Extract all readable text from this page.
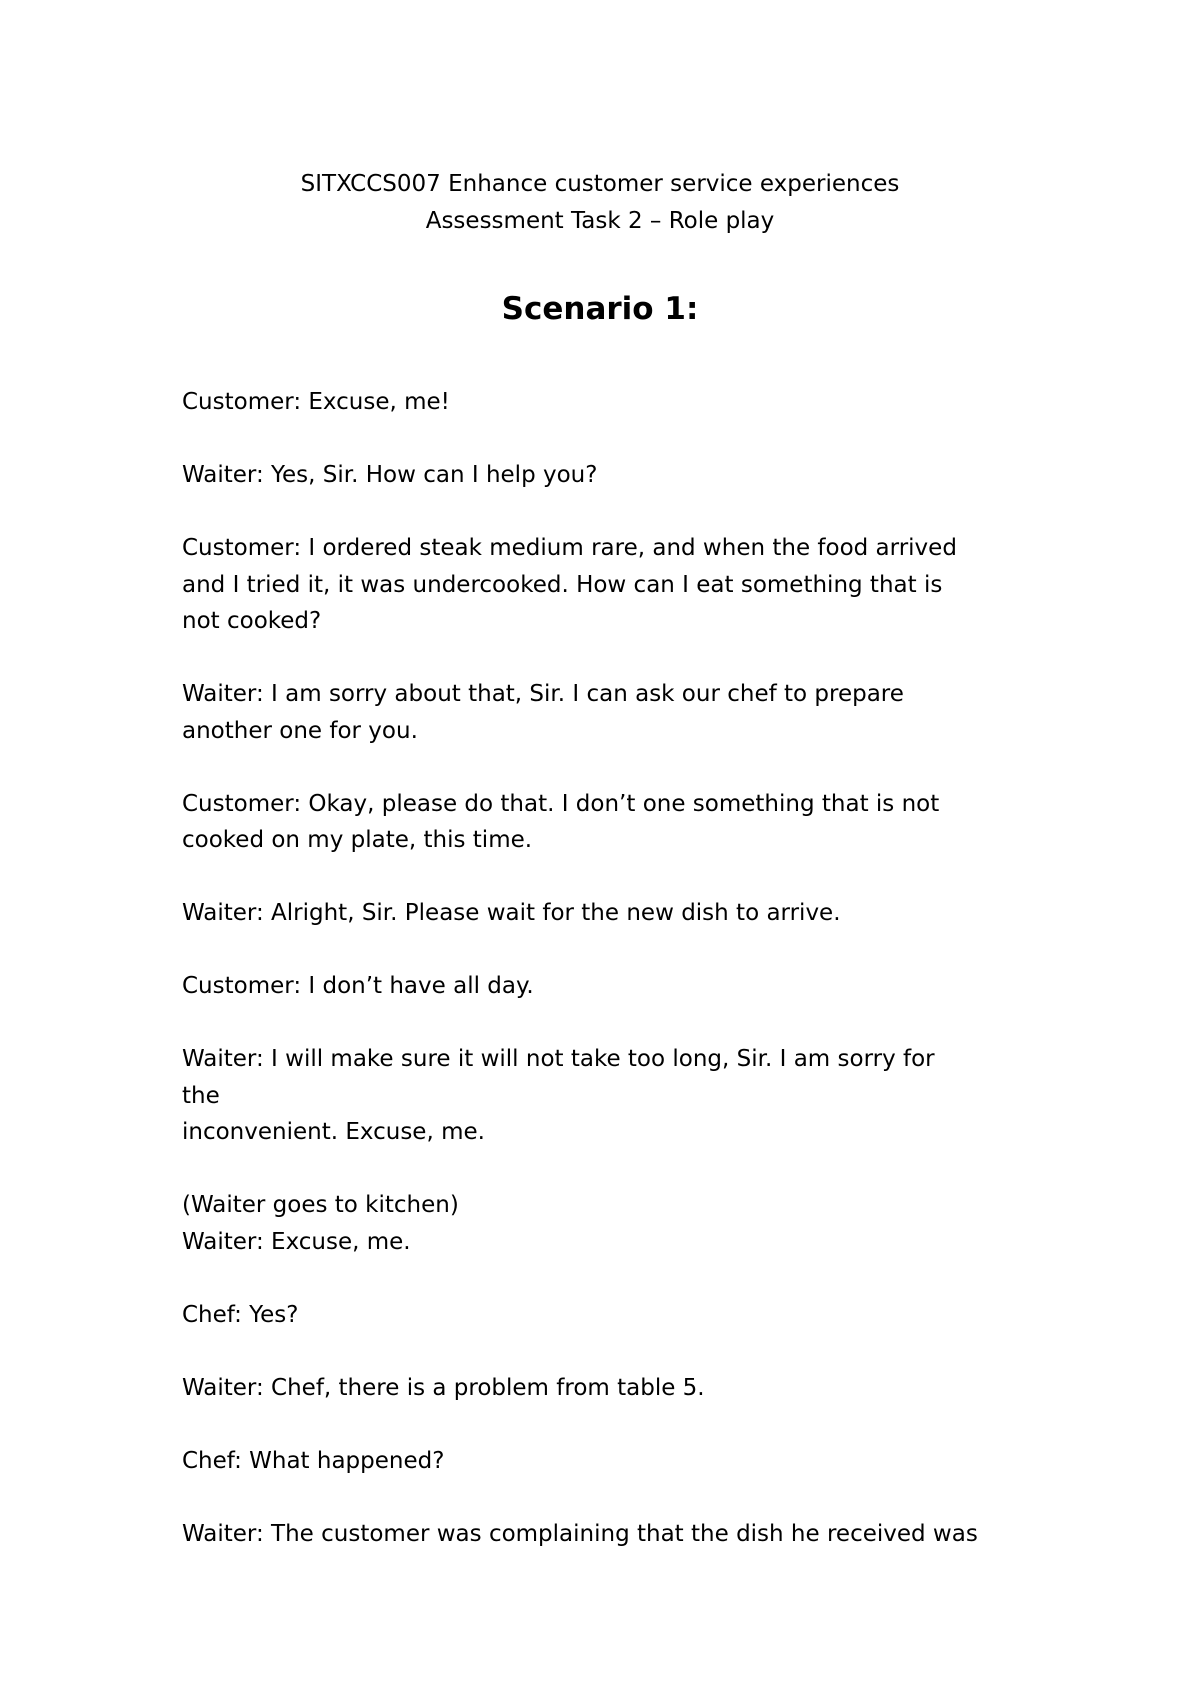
SITXCCS007 Enhance customer service experiences
Assessment Task 2 – Role play
Scenario 1:

Customer: Excuse, me!

Waiter: Yes, Sir. How can I help you?

Customer: I ordered steak medium rare, and when the food arrived
and I tried it, it was undercooked. How can I eat something that is
not cooked?

Waiter: I am sorry about that, Sir. I can ask our chef to prepare
another one for you.

Customer: Okay, please do that. I don’t one something that is not
cooked on my plate, this time.

Waiter: Alright, Sir. Please wait for the new dish to arrive.

Customer: I don’t have all day.

Waiter: I will make sure it will not take too long, Sir. I am sorry for
the
inconvenient. Excuse, me.

(Waiter goes to kitchen)
Waiter: Excuse, me.

Chef: Yes?

Waiter: Chef, there is a problem from table 5.

Chef: What happened?

Waiter: The customer was complaining that the dish he received was
